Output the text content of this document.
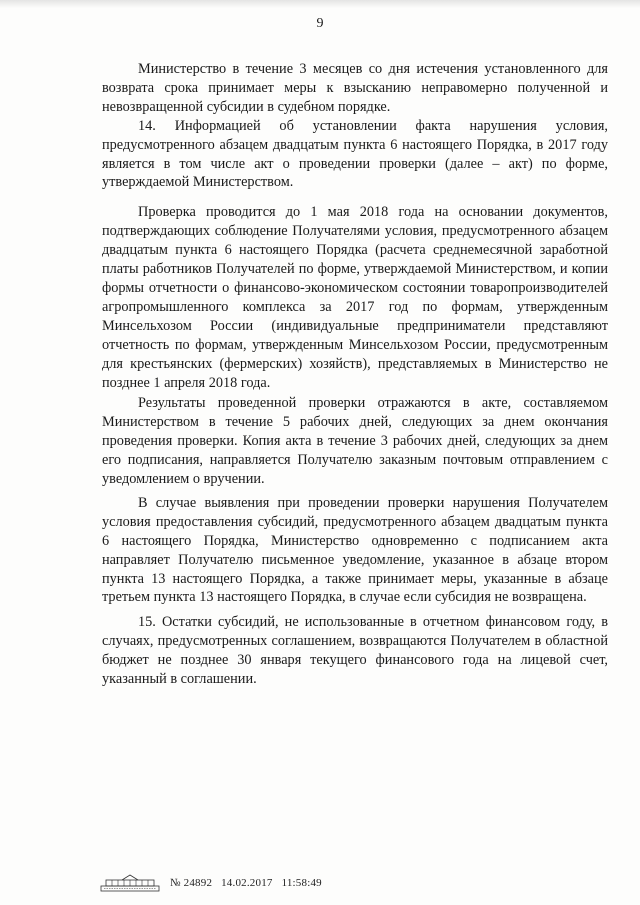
9

Министерство в течение 3 месяцев со дня истечения установленного для возврата срока принимает меры к взысканию неправомерно полученной и невозвращенной субсидии в судебном порядке.

14. Информацией об установлении факта нарушения условия, предусмотренного абзацем двадцатым пункта 6 настоящего Порядка, в 2017 году является в том числе акт о проведении проверки (далее – акт) по форме, утверждаемой Министерством.

Проверка проводится до 1 мая 2018 года на основании документов, подтверждающих соблюдение Получателями условия, предусмотренного абзацем двадцатым пункта 6 настоящего Порядка (расчета среднемесячной заработной платы работников Получателей по форме, утверждаемой Министерством, и копии формы отчетности о финансово-экономическом состоянии товаропроизводителей агропромышленного комплекса за 2017 год по формам, утвержденным Минсельхозом России (индивидуальные предприниматели представляют отчетность по формам, утвержденным Минсельхозом России, предусмотренным для крестьянских (фермерских) хозяйств), представляемых в Министерство не позднее 1 апреля 2018 года.

Результаты проведенной проверки отражаются в акте, составляемом Министерством в течение 5 рабочих дней, следующих за днем окончания проведения проверки. Копия акта в течение 3 рабочих дней, следующих за днем его подписания, направляется Получателю заказным почтовым отправлением с уведомлением о вручении.

В случае выявления при проведении проверки нарушения Получателем условия предоставления субсидий, предусмотренного абзацем двадцатым пункта 6 настоящего Порядка, Министерство одновременно с подписанием акта направляет Получателю письменное уведомление, указанное в абзаце втором пункта 13 настоящего Порядка, а также принимает меры, указанные в абзаце третьем пункта 13 настоящего Порядка, в случае если субсидия не возвращена.

15. Остатки субсидий, не использованные в отчетном финансовом году, в случаях, предусмотренных соглашением, возвращаются Получателем в областной бюджет не позднее 30 января текущего финансового года на лицевой счет, указанный в соглашении.

№ 24892 14.02.2017 11:58:49
